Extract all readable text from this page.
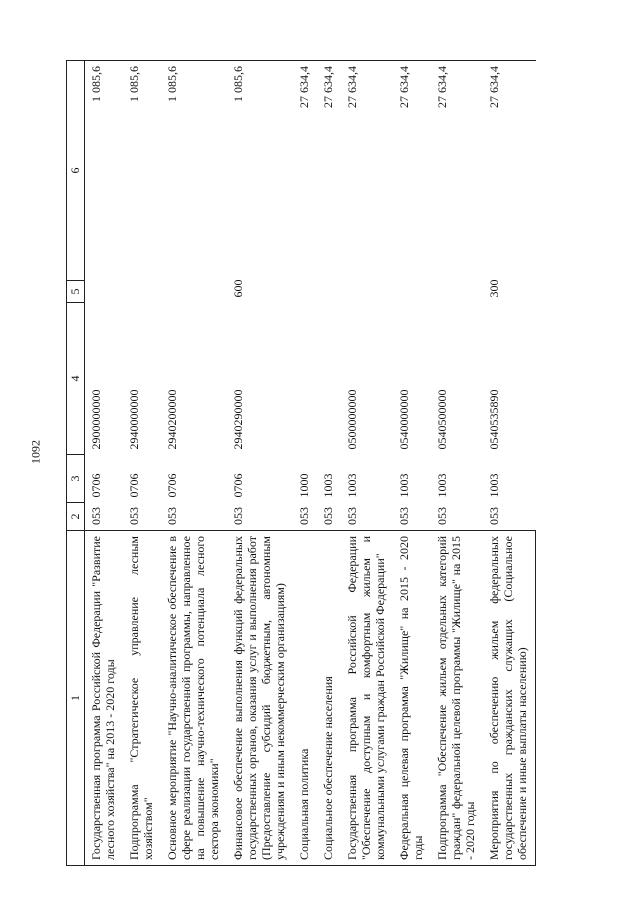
1092
1	2	3	4	5	6
Государственная программа Российской Федерации "Развитие лесного хозяйства" на 2013 - 2020 годы	053	0706	2900000000		1 085,6
Подпрограмма "Стратегическое управление лесным хозяйством"	053	0706	2940000000		1 085,6
Основное мероприятие "Научно-аналитическое обеспечение в сфере реализации государственной программы, направленное на повышение научно-технического потенциала лесного сектора экономики"	053	0706	2940200000		1 085,6
Финансовое обеспечение выполнения функций федеральных государственных органов, оказания услуг и выполнения работ (Предоставление субсидий бюджетным, автономным учреждениям и иным некоммерческим организациям)	053	0706	2940290000	600	1 085,6
Социальная политика	053	1000			27 634,4
Социальное обеспечение населения	053	1003			27 634,4
Государственная программа Российской Федерации "Обеспечение доступным и комфортным жильем и коммунальными услугами граждан Российской Федерации"	053	1003	0500000000		27 634,4
Федеральная целевая программа "Жилище" на 2015 - 2020 годы	053	1003	0540000000		27 634,4
Подпрограмма "Обеспечение жильем отдельных категорий граждан" федеральной целевой программы "Жилище" на 2015 - 2020 годы	053	1003	0540500000		27 634,4
Мероприятия по обеспечению жильем федеральных государственных гражданских служащих (Социальное обеспечение и иные выплаты населению)	053	1003	0540535890	300	27 634,4
